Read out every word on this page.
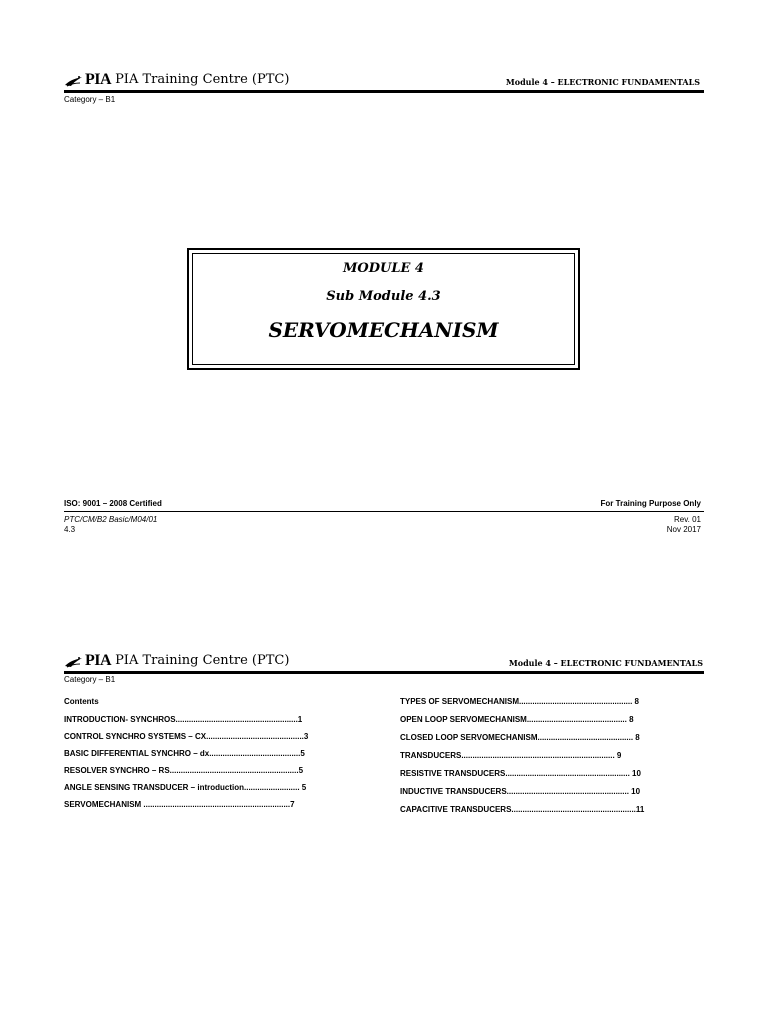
PIA PIA Training Centre (PTC)	Module 4 – ELECTRONIC FUNDAMENTALS
Category – B1
MODULE 4
Sub Module 4.3
SERVOMECHANISM
ISO: 9001 – 2008 Certified	For Training Purpose Only
PTC/CM/B2 Basic/M04/01
4.3
Rev. 01
Nov 2017
PIA PIA Training Centre (PTC)	Module 4 – ELECTRONIC FUNDAMENTALS
Category – B1
Contents
INTRODUCTION- SYNCHROS.......................................................1
CONTROL SYNCHRO SYSTEMS – CX............................................3
BASIC DIFFERENTIAL SYNCHRO – dx.........................................5
RESOLVER SYNCHRO – RS..........................................................5
ANGLE SENSING TRANSDUCER – introduction......................... 5
SERVOMECHANISM ..................................................................7
TYPES OF SERVOMECHANISM................................................... 8
OPEN LOOP SERVOMECHANISM............................................. 8
CLOSED LOOP SERVOMECHANISM........................................... 8
TRANSDUCERS..................................................................... 9
RESISTIVE TRANSDUCERS........................................................ 10
INDUCTIVE TRANSDUCERS....................................................... 10
CAPACITIVE TRANSDUCERS........................................................11
